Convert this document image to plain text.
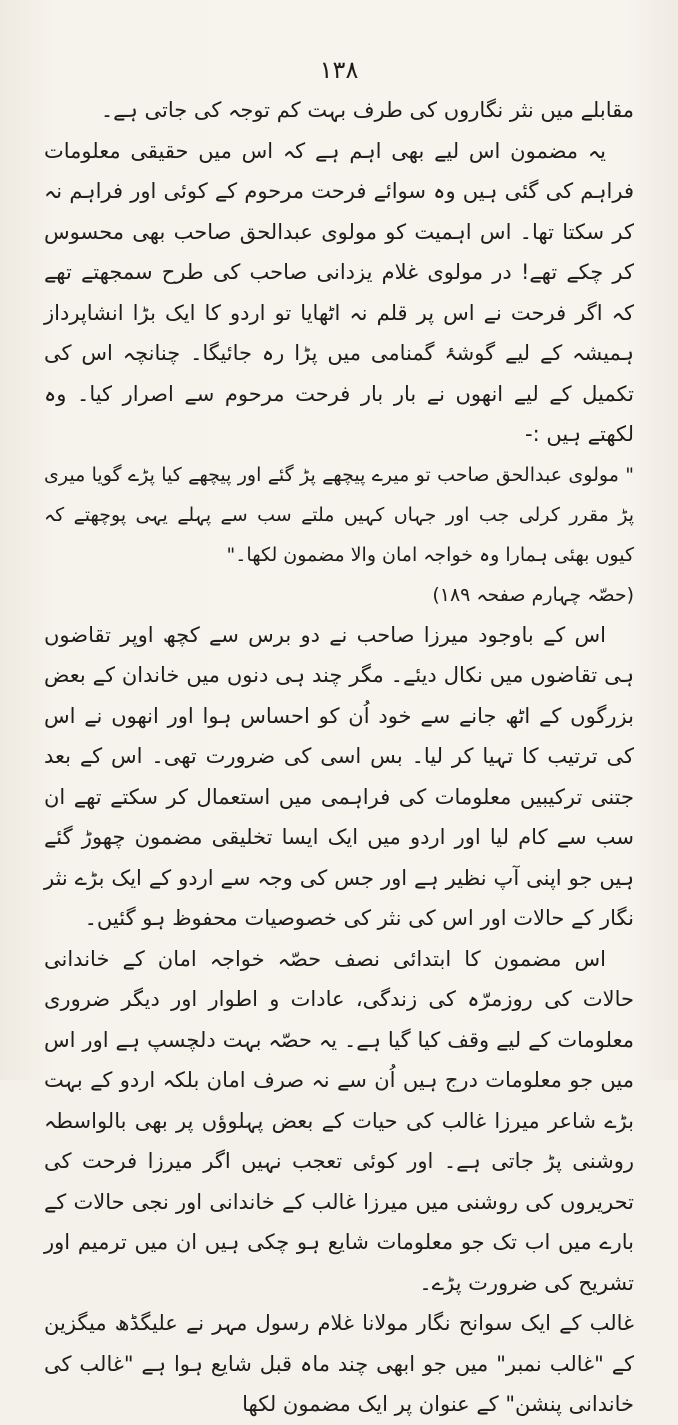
١٣٨

مقابلے میں نثر نگاروں کی طرف بہت کم توجہ کی جاتی ہے۔

یہ مضمون اس لیے بھی اہم ہے کہ اس میں حقیقی معلومات فراہم کی گئی ہیں وہ سوائے فرحت مرحوم کے کوئی اور فراہم نہ کر سکتا تھا۔ اس اہمیت کو مولوی عبدالحق صاحب بھی محسوس کر چکے تھے! در مولوی غلام یزدانی صاحب کی طرح سمجھتے تھے کہ اگر فرحت نے اس پر قلم نہ اٹھایا تو اردو کا ایک بڑا انشاپرداز ہمیشہ کے لیے گوشۂ گمنامی میں پڑا رہ جائیگا۔ چنانچہ اس کی تکمیل کے لیے انھوں نے بار بار فرحت مرحوم سے اصرار کیا۔ وہ لکھتے ہیں :-

" مولوی عبدالحق صاحب تو میرے پیچھے پڑ گئے اور پیچھے کیا پڑے گویا میری پڑ مقرر کرلی جب اور جہاں کہیں ملتے سب سے پہلے یہی پوچھتے کہ کیوں بھئی ہمارا وہ خواجہ امان والا مضمون لکھا۔"

(حصّہ چہارم صفحہ ١٨٩)

اس کے باوجود میرزا صاحب نے دو برس سے کچھ اوپر تقاضوں ہی تقاضوں میں نکال دیئے۔ مگر چند ہی دنوں میں خاندان کے بعض بزرگوں کے اٹھ جانے سے خود اُن کو احساس ہوا اور انھوں نے اس کی ترتیب کا تہیا کر لیا۔ بس اسی کی ضرورت تھی۔ اس کے بعد جتنی ترکیبیں معلومات کی فراہمی میں استعمال کر سکتے تھے ان سب سے کام لیا اور اردو میں ایک ایسا تخلیقی مضمون چھوڑ گئے ہیں جو اپنی آپ نظیر ہے اور جس کی وجہ سے اردو کے ایک بڑے نثر نگار کے حالات اور اس کی نثر کی خصوصیات محفوظ ہو گئیں۔

اس مضمون کا ابتدائی نصف حصّہ خواجہ امان کے خاندانی حالات کی روزمرّہ کی زندگی، عادات و اطوار اور دیگر ضروری معلومات کے لیے وقف کیا گیا ہے۔ یہ حصّہ بہت دلچسپ ہے اور اس میں جو معلومات درج ہیں اُن سے نہ صرف امان بلکہ اردو کے بہت بڑے شاعر میرزا غالب کی حیات کے بعض پہلوؤں پر بھی بالواسطہ روشنی پڑ جاتی ہے۔ اور کوئی تعجب نہیں اگر میرزا فرحت کی تحریروں کی روشنی میں میرزا غالب کے خاندانی اور نجی حالات کے بارے میں اب تک جو معلومات شایع ہو چکی ہیں ان میں ترمیم اور تشریح کی ضرورت پڑے۔

غالب کے ایک سوانح نگار مولانا غلام رسول مہر نے علیگڈھ میگزین کے "غالب نمبر" میں جو ابھی چند ماہ قبل شایع ہوا ہے "غالب کی خاندانی پنشن" کے عنوان پر ایک مضمون لکھا
